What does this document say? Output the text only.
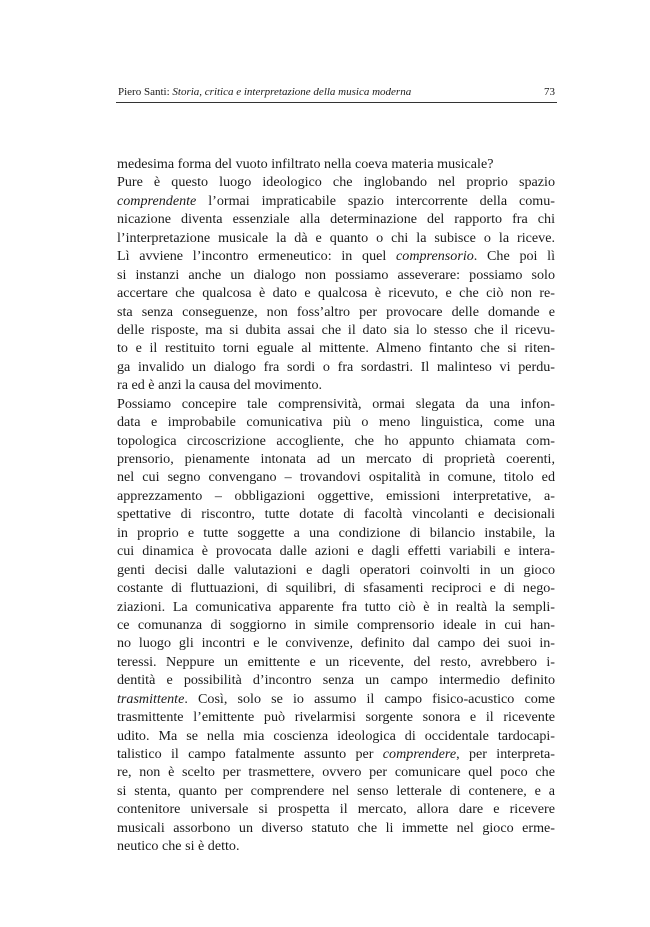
Piero Santi: Storia, critica e interpretazione della musica moderna	73
medesima forma del vuoto infiltrato nella coeva materia musicale?
Pure è questo luogo ideologico che inglobando nel proprio spazio
comprendente l’ormai impraticabile spazio intercorrente della comu-
nicazione diventa essenziale alla determinazione del rapporto fra chi
l’interpretazione musicale la dà e quanto o chi la subisce o la riceve.
Lì avviene l’incontro ermeneutico: in quel comprensorio. Che poi lì
si instanzi anche un dialogo non possiamo asseverare: possiamo solo
accertare che qualcosa è dato e qualcosa è ricevuto, e che ciò non re-
sta senza conseguenze, non foss’altro per provocare delle domande e
delle risposte, ma si dubita assai che il dato sia lo stesso che il ricevu-
to e il restituito torni eguale al mittente. Almeno fintanto che si riten-
ga invalido un dialogo fra sordi o fra sordastri. Il malinteso vi perdu-
ra ed è anzi la causa del movimento.
Possiamo concepire tale comprensività, ormai slegata da una infon-
data e improbabile comunicativa più o meno linguistica, come una
topologica circoscrizione accogliente, che ho appunto chiamata com-
prensorio, pienamente intonata ad un mercato di proprietà coerenti,
nel cui segno convengano – trovandovi ospitalità in comune, titolo ed
apprezzamento – obbligazioni oggettive, emissioni interpretative, a-
spettative di riscontro, tutte dotate di facoltà vincolanti e decisionali
in proprio e tutte soggette a una condizione di bilancio instabile, la
cui dinamica è provocata dalle azioni e dagli effetti variabili e intera-
genti decisi dalle valutazioni e dagli operatori coinvolti in un gioco
costante di fluttuazioni, di squilibri, di sfasamenti reciproci e di nego-
ziazioni. La comunicativa apparente fra tutto ciò è in realtà la sempli-
ce comunanza di soggiorno in simile comprensorio ideale in cui han-
no luogo gli incontri e le convivenze, definito dal campo dei suoi in-
teressi. Neppure un emittente e un ricevente, del resto, avrebbero i-
dentità e possibilità d’incontro senza un campo intermedio definito
trasmittente. Così, solo se io assumo il campo fisico-acustico come
trasmittente l’emittente può rivelarmisi sorgente sonora e il ricevente
udito. Ma se nella mia coscienza ideologica di occidentale tardocapi-
talistico il campo fatalmente assunto per comprendere, per interpreta-
re, non è scelto per trasmettere, ovvero per comunicare quel poco che
si stenta, quanto per comprendere nel senso letterale di contenere, e a
contenitore universale si prospetta il mercato, allora dare e ricevere
musicali assorbono un diverso statuto che li immette nel gioco erme-
neutico che si è detto.
